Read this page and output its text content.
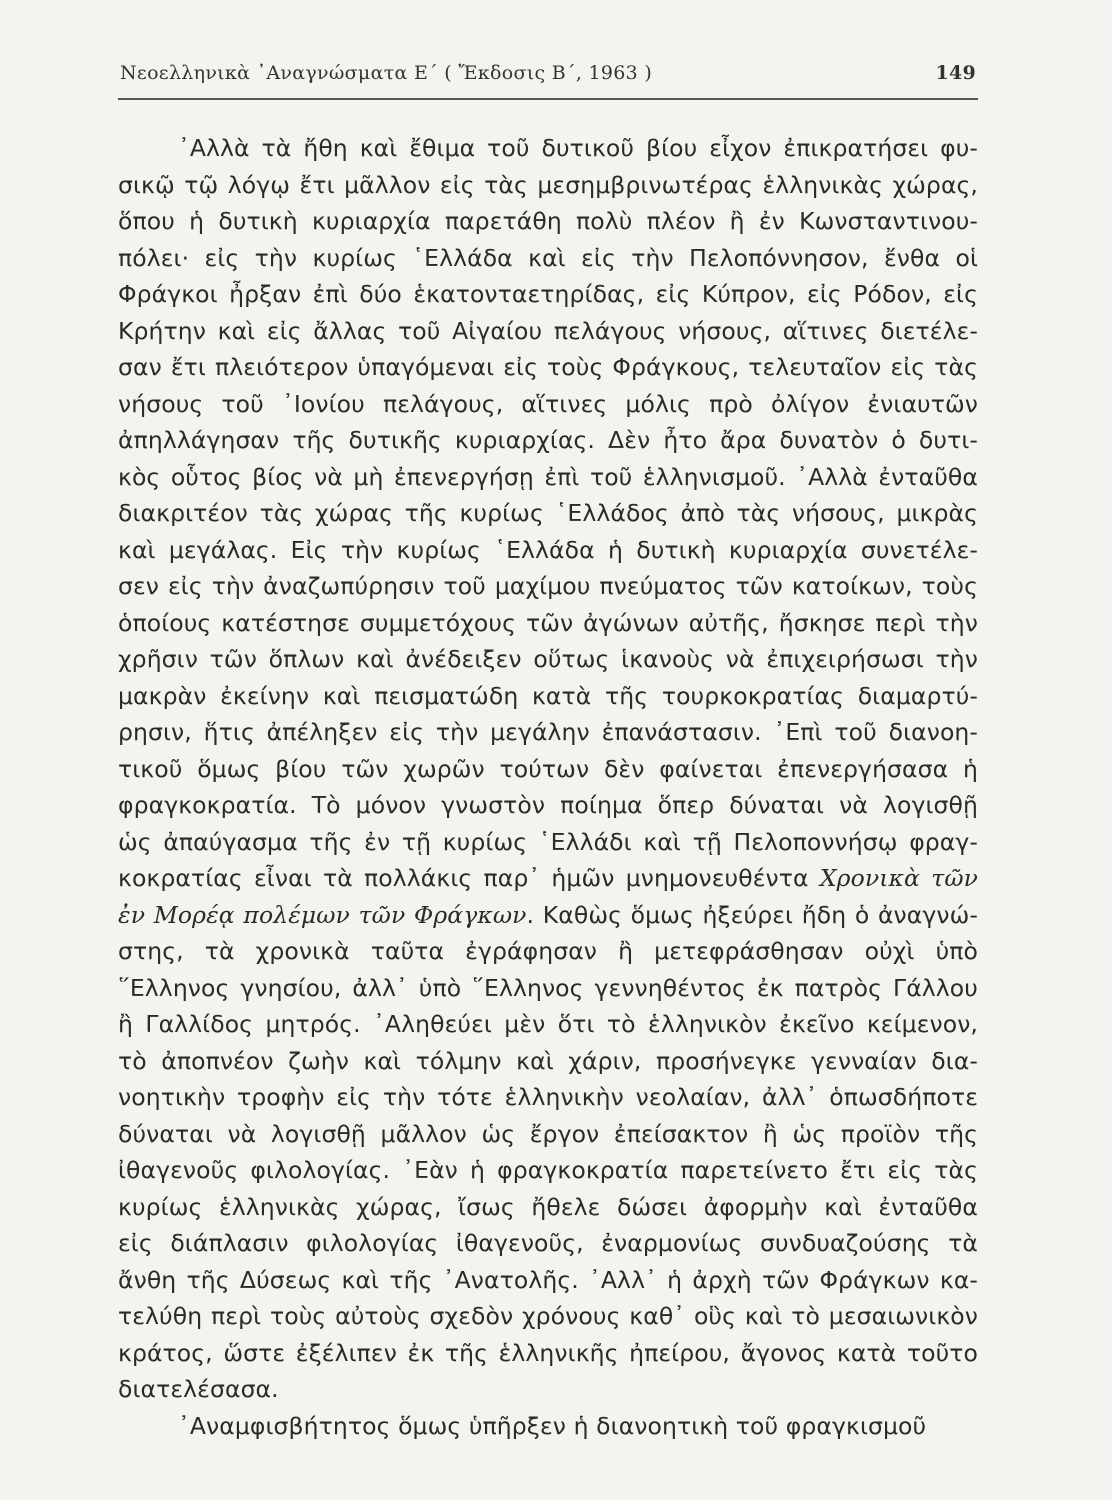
Νεοελληνικὰ ᾿Αναγνώσματα Ε΄ ( Ἔκδοσις Β΄, 1963 )	149
᾿Αλλὰ τὰ ἤθη καὶ ἔθιμα τοῦ δυτικοῦ βίου εἶχον ἐπικρατήσει φυ-
σικῷ τῷ λόγῳ ἔτι μᾶλλον εἰς τὰς μεσημβρινωτέρας ἑλληνικὰς χώρας,
ὅπου ἡ δυτικὴ κυριαρχία παρετάθη πολὺ πλέον ἢ ἐν Κωνσταντινου-
πόλει· εἰς τὴν κυρίως ῾Ελλάδα καὶ εἰς τὴν Πελοπόννησον, ἔνθα οἱ
Φράγκοι ἦρξαν ἐπὶ δύο ἑκατονταετηρίδας, εἰς Κύπρον, εἰς Ρόδον, εἰς
Κρήτην καὶ εἰς ἄλλας τοῦ Αἰγαίου πελάγους νήσους, αἵτινες διετέλε-
σαν ἔτι πλειότερον ὑπαγόμεναι εἰς τοὺς Φράγκους, τελευταῖον εἰς τὰς
νήσους τοῦ ᾿Ιονίου πελάγους, αἵτινες μόλις πρὸ ὀλίγον ἐνιαυτῶν
ἀπηλλάγησαν τῆς δυτικῆς κυριαρχίας. Δὲν ἦτο ἄρα δυνατὸν ὁ δυτι-
κὸς οὗτος βίος νὰ μὴ ἐπενεργήσῃ ἐπὶ τοῦ ἑλληνισμοῦ. ᾿Αλλὰ ἐνταῦθα
διακριτέον τὰς χώρας τῆς κυρίως ῾Ελλάδος ἀπὸ τὰς νήσους, μικρὰς
καὶ μεγάλας. Εἰς τὴν κυρίως ῾Ελλάδα ἡ δυτικὴ κυριαρχία συνετέλε-
σεν εἰς τὴν ἀναζωπύρησιν τοῦ μαχίμου πνεύματος τῶν κατοίκων, τοὺς
ὁποίους κατέστησε συμμετόχους τῶν ἀγώνων αὐτῆς, ἤσκησε περὶ τὴν
χρῆσιν τῶν ὅπλων καὶ ἀνέδειξεν οὕτως ἱκανοὺς νὰ ἐπιχειρήσωσι τὴν
μακρὰν ἐκείνην καὶ πεισματώδη κατὰ τῆς τουρκοκρατίας διαμαρτύ-
ρησιν, ἥτις ἀπέληξεν εἰς τὴν μεγάλην ἐπανάστασιν. ᾿Επὶ τοῦ διανοη-
τικοῦ ὅμως βίου τῶν χωρῶν τούτων δὲν φαίνεται ἐπενεργήσασα ἡ
φραγκοκρατία. Τὸ μόνον γνωστὸν ποίημα ὅπερ δύναται νὰ λογισθῇ
ὡς ἀπαύγασμα τῆς ἐν τῇ κυρίως ῾Ελλάδι καὶ τῇ Πελοποννήσῳ φραγ-
κοκρατίας εἶναι τὰ πολλάκις παρ᾿ ἡμῶν μνημονευθέντα Χρονικὰ τῶν
ἐν Μορέᾳ πολέμων τῶν Φράγκων. Καθὼς ὅμως ἠξεύρει ἤδη ὁ ἀναγνώ-
στης, τὰ χρονικὰ ταῦτα ἐγράφησαν ἢ μετεφράσθησαν οὐχὶ ὑπὸ
῞Ελληνος γνησίου, ἀλλ᾿ ὑπὸ ῞Ελληνος γεννηθέντος ἐκ πατρὸς Γάλλου
ἢ Γαλλίδος μητρός. ᾿Αληθεύει μὲν ὅτι τὸ ἑλληνικὸν ἐκεῖνο κείμενον,
τὸ ἀποπνέον ζωὴν καὶ τόλμην καὶ χάριν, προσήνεγκε γενναίαν δια-
νοητικὴν τροφὴν εἰς τὴν τότε ἑλληνικὴν νεολαίαν, ἀλλ᾿ ὁπωσδήποτε
δύναται νὰ λογισθῇ μᾶλλον ὡς ἔργον ἐπείσακτον ἢ ὡς προϊὸν τῆς
ἰθαγενοῦς φιλολογίας. ᾿Εὰν ἡ φραγκοκρατία παρετείνετο ἔτι εἰς τὰς
κυρίως ἑλληνικὰς χώρας, ἴσως ἤθελε δώσει ἀφορμὴν καὶ ἐνταῦθα
εἰς διάπλασιν φιλολογίας ἰθαγενοῦς, ἐναρμονίως συνδυαζούσης τὰ
ἄνθη τῆς Δύσεως καὶ τῆς ᾿Ανατολῆς. ᾿Αλλ᾿ ἡ ἀρχὴ τῶν Φράγκων κα-
τελύθη περὶ τοὺς αὐτοὺς σχεδὸν χρόνους καθ᾿ οὓς καὶ τὸ μεσαιωνικὸν
κράτος, ὥστε ἐξέλιπεν ἐκ τῆς ἑλληνικῆς ἠπείρου, ἄγονος κατὰ τοῦτο
διατελέσασα.
᾿Αναμφισβήτητος ὅμως ὑπῆρξεν ἡ διανοητικὴ τοῦ φραγκισμοῦ
